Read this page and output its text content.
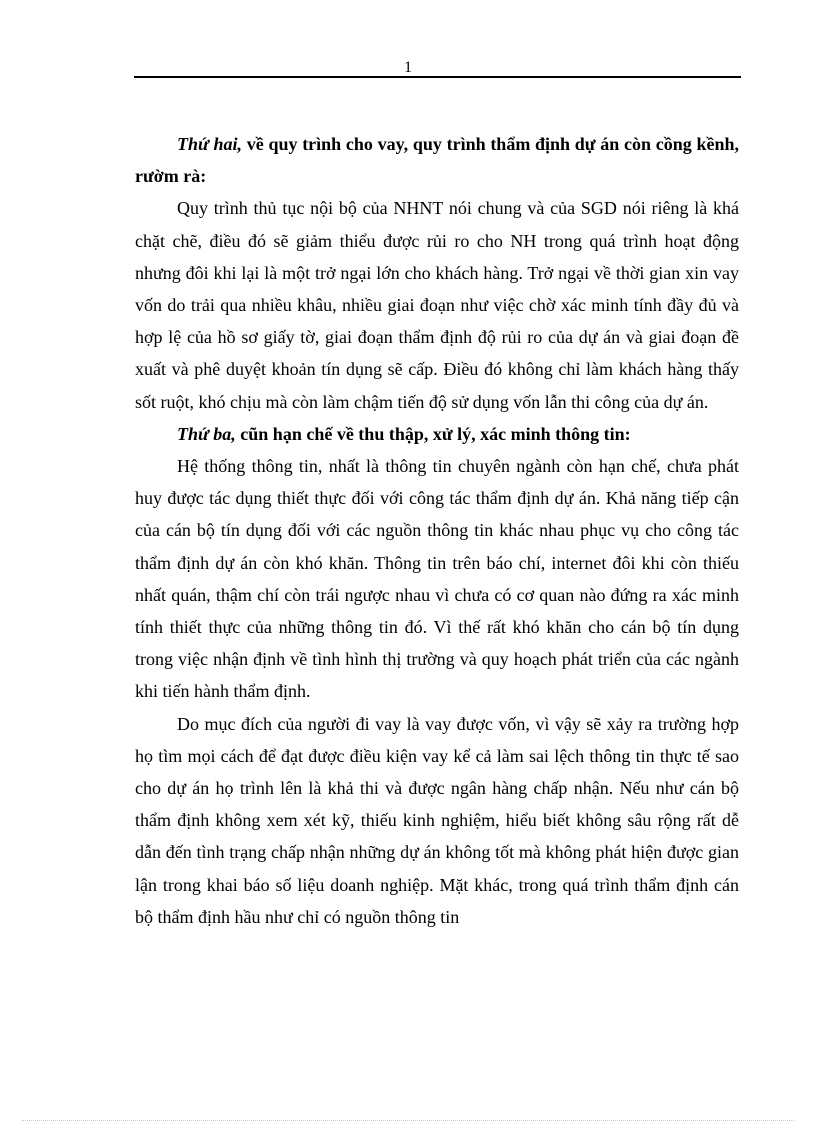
1

Thứ hai, về quy trình cho vay, quy trình thẩm định dự án còn cồng kềnh, rườm rà:

Quy trình thủ tục nội bộ của NHNT nói chung và của SGD nói riêng là khá chặt chẽ, điều đó sẽ giảm thiểu được rủi ro cho NH trong quá trình hoạt động nhưng đôi khi lại là một trở ngại lớn cho khách hàng. Trở ngại về thời gian xin vay vốn do trải qua nhiều khâu, nhiều giai đoạn như việc chờ xác minh tính đầy đủ và hợp lệ của hồ sơ giấy tờ, giai đoạn thẩm định độ rủi ro của dự án và giai đoạn đề xuất và phê duyệt khoản tín dụng sẽ cấp. Điều đó không chỉ làm khách hàng thấy sốt ruột, khó chịu mà còn làm chậm tiến độ sử dụng vốn lẫn thi công của dự án.

Thứ ba, cũn hạn chế về thu thập, xử lý, xác minh thông tin:

Hệ thống thông tin, nhất là thông tin chuyên ngành còn hạn chế, chưa phát huy được tác dụng thiết thực đối với công tác thẩm định dự án. Khả năng tiếp cận của cán bộ tín dụng đối với các nguồn thông tin khác nhau phục vụ cho công tác thẩm định dự án còn khó khăn. Thông tin trên báo chí, internet đôi khi còn thiếu nhất quán, thậm chí còn trái ngược nhau vì chưa có cơ quan nào đứng ra xác minh tính thiết thực của những thông tin đó. Vì thế rất khó khăn cho cán bộ tín dụng trong việc nhận định về tình hình thị trường và quy hoạch phát triển của các ngành khi tiến hành thẩm định.

Do mục đích của người đi vay là vay được vốn, vì vậy sẽ xảy ra trường hợp họ tìm mọi cách để đạt được điều kiện vay kể cả làm sai lệch thông tin thực tế sao cho dự án họ trình lên là khả thi và được ngân hàng chấp nhận. Nếu như cán bộ thẩm định không xem xét kỹ, thiếu kinh nghiệm, hiểu biết không sâu rộng rất dễ dẫn đến tình trạng chấp nhận những dự án không tốt mà không phát hiện được gian lận trong khai báo số liệu doanh nghiệp. Mặt khác, trong quá trình thẩm định cán bộ thẩm định hầu như chỉ có nguồn thông tin
